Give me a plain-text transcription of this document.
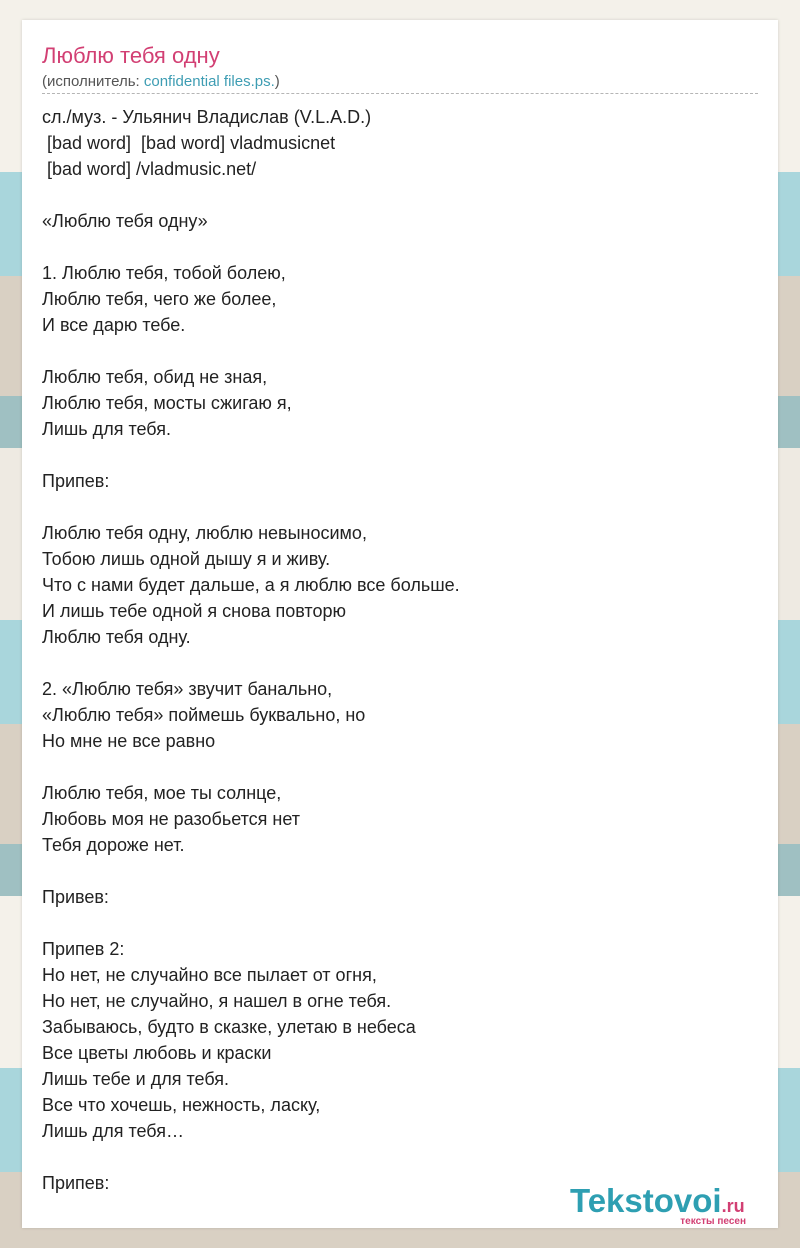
Люблю тебя одну
(исполнитель: confidential files.ps.)
сл./муз. - Ульянич Владислав (V.L.A.D.)
[bad word]  [bad word] vladmusicnet
[bad word] /vladmusic.net/

«Люблю тебя одну»

1. Люблю тебя, тобой болею,
Люблю тебя, чего же более,
И все дарю тебе.

Люблю тебя, обид не зная,
Люблю тебя, мосты сжигаю я,
Лишь для тебя.

Припев:

Люблю тебя одну, люблю невыносимо,
Тобою лишь одной дышу я и живу.
Что с нами будет дальше, а я люблю все больше.
И лишь тебе одной я снова повторю
Люблю тебя одну.

2. «Люблю тебя» звучит банально,
«Люблю тебя» поймешь буквально, но
Но мне не все равно

Люблю тебя, мое ты солнце,
Любовь моя не разобьется нет
Тебя дороже нет.

Привев:

Припев 2:
Но нет, не случайно все пылает от огня,
Но нет, не случайно, я нашел в огне тебя.
Забываюсь, будто в сказке, улетаю в небеса
Все цветы любовь и краски
Лишь тебе и для тебя.
Все что хочешь, нежность, ласку,
Лишь для тебя…

Припев:	Tekstovoi.ru
тексты песен
